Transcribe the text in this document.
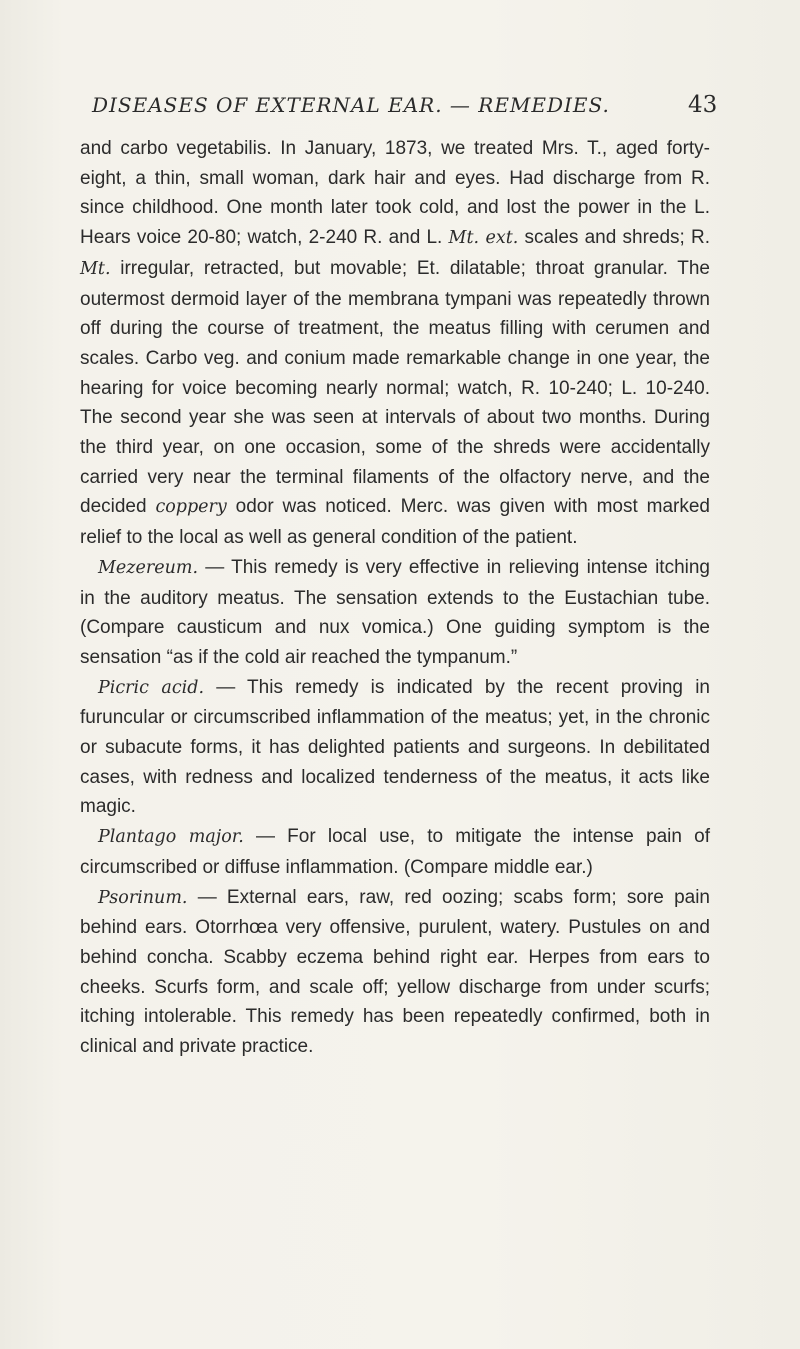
DISEASES OF EXTERNAL EAR. — REMEDIES.	43

and carbo vegetabilis. In January, 1873, we treated Mrs. T., aged forty-eight, a thin, small woman, dark hair and eyes. Had discharge from R. since childhood. One month later took cold, and lost the power in the L. Hears voice 20-80; watch, 2-240 R. and L. Mt. ext. scales and shreds; R. Mt. irregular, retracted, but movable; Et. dilatable; throat granular. The outermost dermoid layer of the membrana tympani was repeatedly thrown off during the course of treatment, the meatus filling with cerumen and scales. Carbo veg. and conium made remarkable change in one year, the hearing for voice becoming nearly normal; watch, R. 10-240; L. 10-240. The second year she was seen at intervals of about two months. During the third year, on one occasion, some of the shreds were accidentally carried very near the terminal filaments of the olfactory nerve, and the decided coppery odor was noticed. Merc. was given with most marked relief to the local as well as general condition of the patient.

Mezereum. — This remedy is very effective in relieving intense itching in the auditory meatus. The sensation extends to the Eustachian tube. (Compare causticum and nux vomica.) One guiding symptom is the sensation “as if the cold air reached the tympanum.”

Picric acid. — This remedy is indicated by the recent proving in furuncular or circumscribed inflammation of the meatus; yet, in the chronic or subacute forms, it has delighted patients and surgeons. In debilitated cases, with redness and localized tenderness of the meatus, it acts like magic.

Plantago major. — For local use, to mitigate the intense pain of circumscribed or diffuse inflammation. (Compare middle ear.)

Psorinum. — External ears, raw, red oozing; scabs form; sore pain behind ears. Otorrhœa very offensive, purulent, watery. Pustules on and behind concha. Scabby eczema behind right ear. Herpes from ears to cheeks. Scurfs form, and scale off; yellow discharge from under scurfs; itching intolerable. This remedy has been repeatedly confirmed, both in clinical and private practice.
